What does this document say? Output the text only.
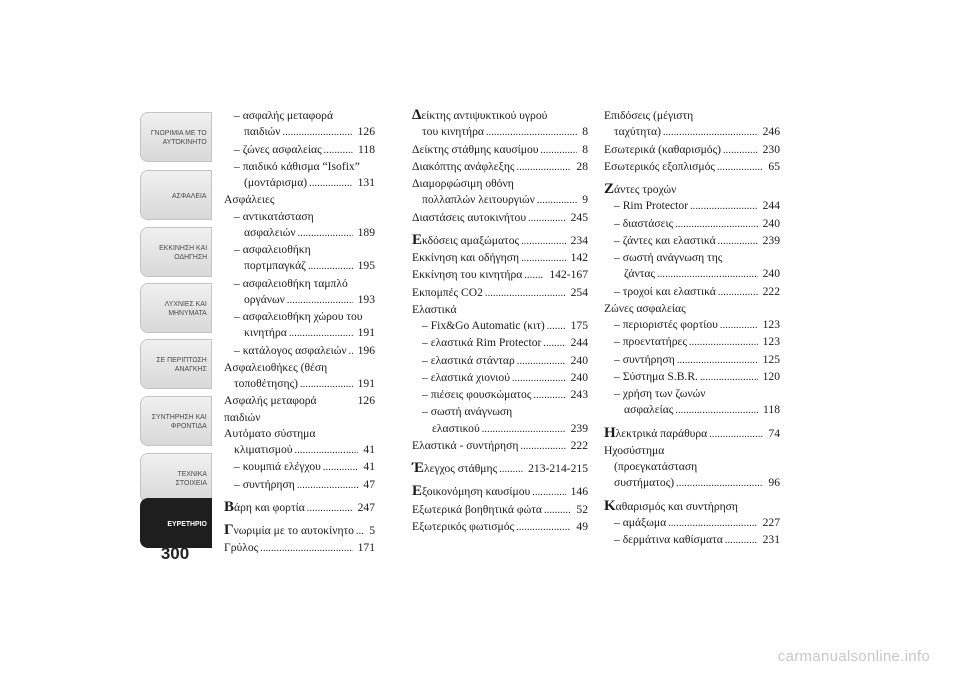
ΓΝΩΡΙΜΙΑ ΜΕ ΤΟ
ΑΥΤΟΚΙΝΗΤΟ
ΑΣΦΑΛΕΙΑ
ΕΚΚΙΝΗΣΗ ΚΑΙ
ΟΔΗΓΗΣΗ
ΛΥΧΝΙΕΣ ΚΑΙ
ΜΗΝΥΜΑΤΑ
ΣΕ ΠΕΡΙΠΤΩΣΗ
ΑΝΑΓΚΗΣ
ΣΥΝΤΗΡΗΣΗ ΚΑΙ
ΦΡΟΝΤΙΔΑ
ΤΕΧΝΙΚΑ ΣΤΟΙΧΕΙΑ
ΕΥΡΕΤΗΡΙΟ
300
– ασφαλής μεταφορά
παιδιών .....	126
– ζώνες ασφαλείας .....	118
– παιδικό κάθισμα “Isofix”
(μοντάρισμα) .....	131
Ασφάλειες
– αντικατάσταση
ασφαλειών .....	189
– ασφαλειοθήκη
πορτμπαγκάζ .....	195
– ασφαλειοθήκη ταμπλό
οργάνων .....	193
– ασφαλειοθήκη χώρου του
κινητήρα .....	191
– κατάλογος ασφαλειών ..... 196
Ασφαλειοθήκες (θέση
τοποθέτησης) .....	191
Ασφαλής μεταφορά παιδιών
126
Αυτόματο σύστημα
κλιματισμού .....	41
– κουμπιά ελέγχου .....	41
– συντήρηση .....	47
Βάρη και φορτία .....	247
Γνωριμία με το αυτοκίνητο ..... 5
Γρύλος .....	171
Δείκτης αντιψυκτικού υγρού
του κινητήρα .....	8
Δείκτης στάθμης καυσίμου .....	8
Διακόπτης ανάφλεξης .....	28
Διαμορφώσιμη οθόνη
πολλαπλών λειτουργιών .....	9
Διαστάσεις αυτοκινήτου .....	245
Εκδόσεις αμαξώματος .....	234
Εκκίνηση και οδήγηση .....	142
Εκκίνηση του κινητήρα ..... 142-167
Εκπομπές CO2 .....	254
Ελαστικά
– Fix&Go Automatic (κιτ) ..... 175
– ελαστικά Rim Protector .....	244
– ελαστικά στάνταρ .....	240
– ελαστικά χιονιού .....	240
– πιέσεις φουσκώματος .....	243
– σωστή ανάγνωση
ελαστικού .....	239
Ελαστικά - συντήρηση .....	222
Έλεγχος στάθμης .....	213-214-215
Εξοικονόμηση καυσίμου .....	146
Εξωτερικά βοηθητικά φώτα .....	52
Εξωτερικός φωτισμός .....	49
Επιδόσεις (μέγιστη
ταχύτητα) .....	246
Εσωτερικά (καθαρισμός) .....	230
Εσωτερικός εξοπλισμός .....	65
Ζάντες τροχών
– Rim Protector .....	244
– διαστάσεις .....	240
– ζάντες και ελαστικά .....	239
– σωστή ανάγνωση της
ζάντας .....	240
– τροχοί και ελαστικά .....	222
Ζώνες ασφαλείας
– περιοριστές φορτίου .....	123
– προεντατήρες .....	123
– συντήρηση .....	125
– Σύστημα S.B.R. .....	120
– χρήση των ζωνών
ασφαλείας .....	118
Ηλεκτρικά παράθυρα .....	74
Ηχοσύστημα
(προεγκατάσταση
συστήματος) .....	96
Καθαρισμός και συντήρηση
– αμάξωμα .....	227
– δερμάτινα καθίσματα .....	231
carmanualsonline.info
